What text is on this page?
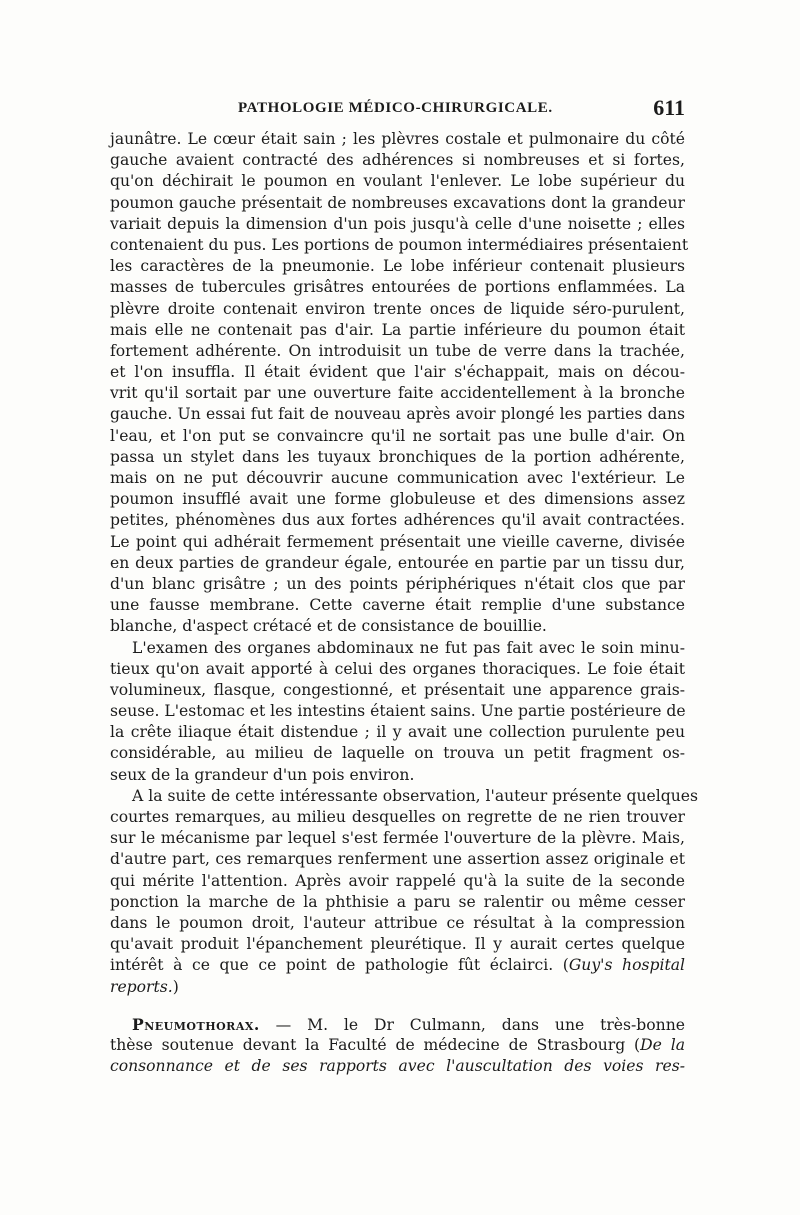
PATHOLOGIE MÉDICO-CHIRURGICALE.	611
jaunâtre. Le cœur était sain ; les plèvres costale et pulmonaire du côté
gauche avaient contracté des adhérences si nombreuses et si fortes,
qu'on déchirait le poumon en voulant l'enlever. Le lobe supérieur du
poumon gauche présentait de nombreuses excavations dont la grandeur
variait depuis la dimension d'un pois jusqu'à celle d'une noisette ; elles
contenaient du pus. Les portions de poumon intermédiaires présentaient
les caractères de la pneumonie. Le lobe inférieur contenait plusieurs
masses de tubercules grisâtres entourées de portions enflammées. La
plèvre droite contenait environ trente onces de liquide séro-purulent,
mais elle ne contenait pas d'air. La partie inférieure du poumon était
fortement adhérente. On introduisit un tube de verre dans la trachée,
et l'on insuffla. Il était évident que l'air s'échappait, mais on décou-
vrit qu'il sortait par une ouverture faite accidentellement à la bronche
gauche. Un essai fut fait de nouveau après avoir plongé les parties dans
l'eau, et l'on put se convaincre qu'il ne sortait pas une bulle d'air. On
passa un stylet dans les tuyaux bronchiques de la portion adhérente,
mais on ne put découvrir aucune communication avec l'extérieur. Le
poumon insufflé avait une forme globuleuse et des dimensions assez
petites, phénomènes dus aux fortes adhérences qu'il avait contractées.
Le point qui adhérait fermement présentait une vieille caverne, divisée
en deux parties de grandeur égale, entourée en partie par un tissu dur,
d'un blanc grisâtre ; un des points périphériques n'était clos que par
une fausse membrane. Cette caverne était remplie d'une substance
blanche, d'aspect crétacé et de consistance de bouillie.
L'examen des organes abdominaux ne fut pas fait avec le soin minu-
tieux qu'on avait apporté à celui des organes thoraciques. Le foie était
volumineux, flasque, congestionné, et présentait une apparence grais-
seuse. L'estomac et les intestins étaient sains. Une partie postérieure de
la crête iliaque était distendue ; il y avait une collection purulente peu
considérable, au milieu de laquelle on trouva un petit fragment os-
seux de la grandeur d'un pois environ.
A la suite de cette intéressante observation, l'auteur présente quelques
courtes remarques, au milieu desquelles on regrette de ne rien trouver
sur le mécanisme par lequel s'est fermée l'ouverture de la plèvre. Mais,
d'autre part, ces remarques renferment une assertion assez originale et
qui mérite l'attention. Après avoir rappelé qu'à la suite de la seconde
ponction la marche de la phthisie a paru se ralentir ou même cesser
dans le poumon droit, l'auteur attribue ce résultat à la compression
qu'avait produit l'épanchement pleurétique. Il y aurait certes quelque
intérêt à ce que ce point de pathologie fût éclairci. (Guy's hospital
reports.)
Pneumothorax. — M. le Dr Culmann, dans une très-bonne
thèse soutenue devant la Faculté de médecine de Strasbourg (De la
consonnance et de ses rapports avec l'auscultation des voies res-
